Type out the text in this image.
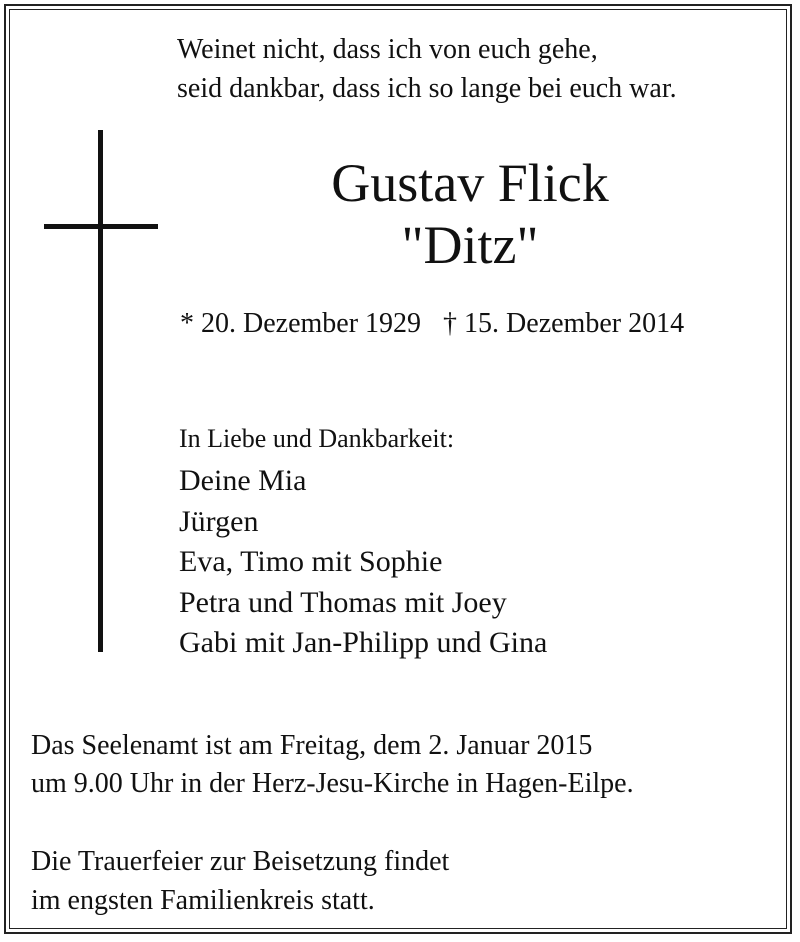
Weinet nicht, dass ich von euch gehe,
seid dankbar, dass ich so lange bei euch war.
Gustav Flick
"Ditz"
* 20. Dezember 1929 † 15. Dezember 2014
In Liebe und Dankbarkeit:
Deine Mia
Jürgen
Eva, Timo mit Sophie
Petra und Thomas mit Joey
Gabi mit Jan-Philipp und Gina
Das Seelenamt ist am Freitag, dem 2. Januar 2015
um 9.00 Uhr in der Herz-Jesu-Kirche in Hagen-Eilpe.
Die Trauerfeier zur Beisetzung findet
im engsten Familienkreis statt.
